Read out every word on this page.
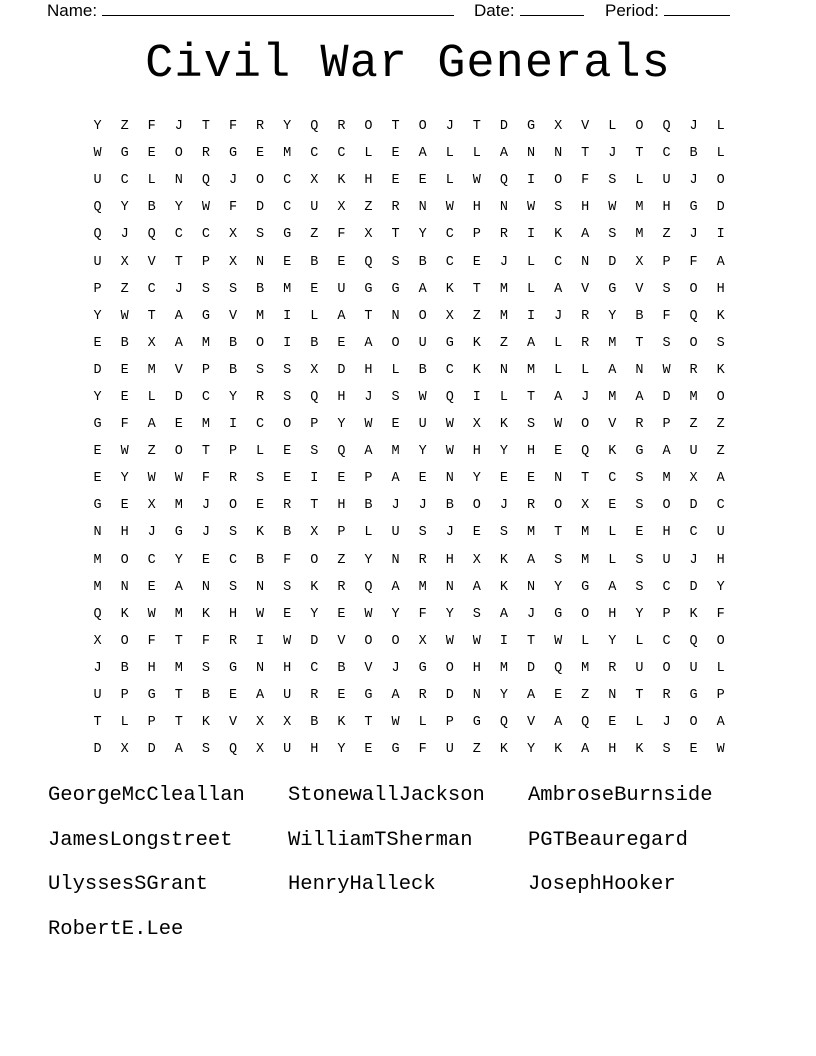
Name:	Date:	Period:
Civil War Generals
Y	Z	F	J	T	F	R	Y	Q	R	O	T	O	J	T	D	G	X	V	L	O	Q	J	L
W	G	E	O	R	G	E	M	C	C	L	E	A	L	L	A	N	N	T	J	T	C	B	L
U	C	L	N	Q	J	O	C	X	K	H	E	E	L	W	Q	I	O	F	S	L	U	J	O
Q	Y	B	Y	W	F	D	C	U	X	Z	R	N	W	H	N	W	S	H	W	M	H	G	D
Q	J	Q	C	C	X	S	G	Z	F	X	T	Y	C	P	R	I	K	A	S	M	Z	J	I
U	X	V	T	P	X	N	E	B	E	Q	S	B	C	E	J	L	C	N	D	X	P	F	A
P	Z	C	J	S	S	B	M	E	U	G	G	A	K	T	M	L	A	V	G	V	S	O	H
Y	W	T	A	G	V	M	I	L	A	T	N	O	X	Z	M	I	J	R	Y	B	F	Q	K
E	B	X	A	M	B	O	I	B	E	A	O	U	G	K	Z	A	L	R	M	T	S	O	S
D	E	M	V	P	B	S	S	X	D	H	L	B	C	K	N	M	L	L	A	N	W	R	K
Y	E	L	D	C	Y	R	S	Q	H	J	S	W	Q	I	L	T	A	J	M	A	D	M	O
G	F	A	E	M	I	C	O	P	Y	W	E	U	W	X	K	S	W	O	V	R	P	Z	Z
E	W	Z	O	T	P	L	E	S	Q	A	M	Y	W	H	Y	H	E	Q	K	G	A	U	Z
E	Y	W	W	F	R	S	E	I	E	P	A	E	N	Y	E	E	N	T	C	S	M	X	A
G	E	X	M	J	O	E	R	T	H	B	J	J	B	O	J	R	O	X	E	S	O	D	C
N	H	J	G	J	S	K	B	X	P	L	U	S	J	E	S	M	T	M	L	E	H	C	U
M	O	C	Y	E	C	B	F	O	Z	Y	N	R	H	X	K	A	S	M	L	S	U	J	H
M	N	E	A	N	S	N	S	K	R	Q	A	M	N	A	K	N	Y	G	A	S	C	D	Y
Q	K	W	M	K	H	W	E	Y	E	W	Y	F	Y	S	A	J	G	O	H	Y	P	K	F
X	O	F	T	F	R	I	W	D	V	O	O	X	W	W	I	T	W	L	Y	L	C	Q	O
J	B	H	M	S	G	N	H	C	B	V	J	G	O	H	M	D	Q	M	R	U	O	U	L
U	P	G	T	B	E	A	U	R	E	G	A	R	D	N	Y	A	E	Z	N	T	R	G	P
T	L	P	T	K	V	X	X	B	K	T	W	L	P	G	Q	V	A	Q	E	L	J	O	A
D	X	D	A	S	Q	X	U	H	Y	E	G	F	U	Z	K	Y	K	A	H	K	S	E	W
GeorgeMcCleallan	StonewallJackson	AmbroseBurnside
JamesLongstreet	WilliamTSherman	PGTBeauregard
UlyssesSGrant	HenryHalleck	JosephHooker
RobertE.Lee
